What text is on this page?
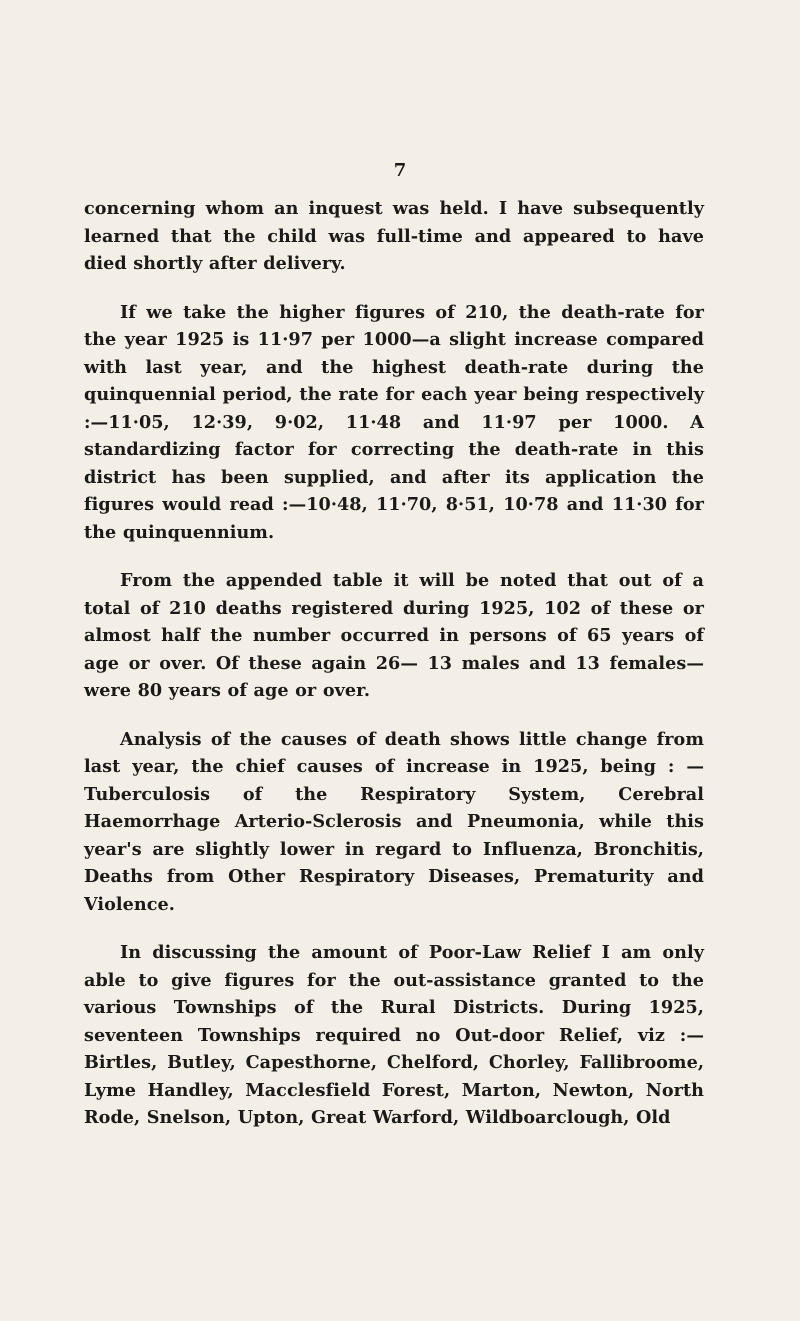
7

concerning whom an inquest was held. I have subsequently learned that the child was full-time and appeared to have died shortly after delivery.

If we take the higher figures of 210, the death-rate for the year 1925 is 11·97 per 1000—a slight increase compared with last year, and the highest death-rate during the quinquennial period, the rate for each year being respectively :—11·05, 12·39, 9·02, 11·48 and 11·97 per 1000. A standardizing factor for correcting the death-rate in this district has been supplied, and after its application the figures would read :—10·48, 11·70, 8·51, 10·78 and 11·30 for the quinquennium.

From the appended table it will be noted that out of a total of 210 deaths registered during 1925, 102 of these or almost half the number occurred in persons of 65 years of age or over. Of these again 26— 13 males and 13 females—were 80 years of age or over.

Analysis of the causes of death shows little change from last year, the chief causes of increase in 1925, being : — Tuberculosis of the Respiratory System, Cerebral Haemorrhage Arterio-Sclerosis and Pneumonia, while this year's are slightly lower in regard to Influenza, Bronchitis, Deaths from Other Respiratory Diseases, Prematurity and Violence.

In discussing the amount of Poor-Law Relief I am only able to give figures for the out-assistance granted to the various Townships of the Rural Districts. During 1925, seventeen Townships required no Out-door Relief, viz :— Birtles, Butley, Capesthorne, Chelford, Chorley, Fallibroome, Lyme Handley, Macclesfield Forest, Marton, Newton, North Rode, Snelson, Upton, Great Warford, Wildboarclough, Old
